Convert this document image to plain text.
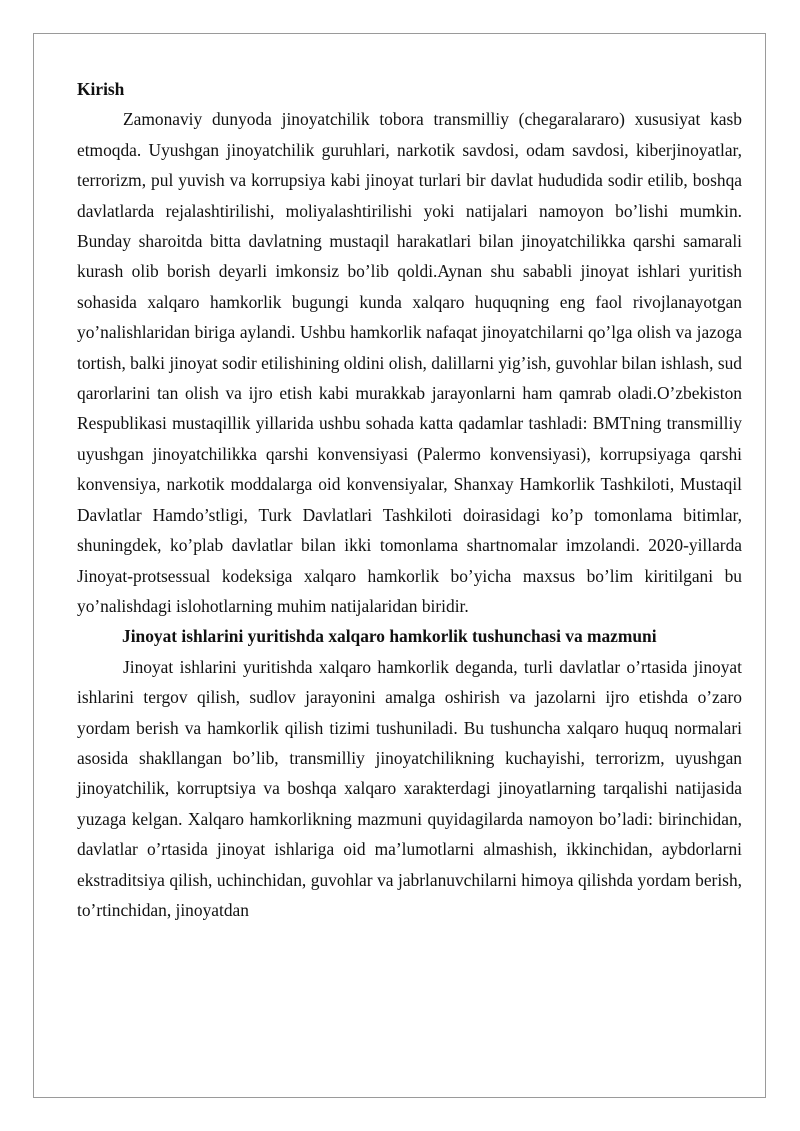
Kirish

Zamonaviy dunyoda jinoyatchilik tobora transmilliy (chegaralararo) xususiyat kasb etmoqda. Uyushgan jinoyatchilik guruhlari, narkotik savdosi, odam savdosi, kiberjinoyatlar, terrorizm, pul yuvish va korrupsiya kabi jinoyat turlari bir davlat hududida sodir etilib, boshqa davlatlarda rejalashtirilishi, moliyalashtirilishi yoki natijalari namoyon bo’lishi mumkin. Bunday sharoitda bitta davlatning mustaqil harakatlari bilan jinoyatchilikka qarshi samarali kurash olib borish deyarli imkonsiz bo’lib qoldi.Aynan shu sababli jinoyat ishlari yuritish sohasida xalqaro hamkorlik bugungi kunda xalqaro huquqning eng faol rivojlanayotgan yo’nalishlaridan biriga aylandi. Ushbu hamkorlik nafaqat jinoyatchilarni qo’lga olish va jazoga tortish, balki jinoyat sodir etilishining oldini olish, dalillarni yig’ish, guvohlar bilan ishlash, sud qarorlarini tan olish va ijro etish kabi murakkab jarayonlarni ham qamrab oladi.O’zbekiston Respublikasi mustaqillik yillarida ushbu sohada katta qadamlar tashladi: BMTning transmilliy uyushgan jinoyatchilikka qarshi konvensiyasi (Palermo konvensiyasi), korrupsiyaga qarshi konvensiya, narkotik moddalarga oid konvensiyalar, Shanxay Hamkorlik Tashkiloti, Mustaqil Davlatlar Hamdo’stligi, Turk Davlatlari Tashkiloti doirasidagi ko’p tomonlama bitimlar, shuningdek, ko’plab davlatlar bilan ikki tomonlama shartnomalar imzolandi. 2020-yillarda Jinoyat-protsessual kodeksiga xalqaro hamkorlik bo’yicha maxsus bo’lim kiritilgani bu yo’nalishdagi islohotlarning muhim natijalaridan biridir.

Jinoyat ishlarini yuritishda xalqaro hamkorlik tushunchasi va mazmuni

Jinoyat ishlarini yuritishda xalqaro hamkorlik deganda, turli davlatlar o’rtasida jinoyat ishlarini tergov qilish, sudlov jarayonini amalga oshirish va jazolarni ijro etishda o’zaro yordam berish va hamkorlik qilish tizimi tushuniladi. Bu tushuncha xalqaro huquq normalari asosida shakllangan bo’lib, transmilliy jinoyatchilikning kuchayishi, terrorizm, uyushgan jinoyatchilik, korruptsiya va boshqa xalqaro xarakterdagi jinoyatlarning tarqalishi natijasida yuzaga kelgan. Xalqaro hamkorlikning mazmuni quyidagilarda namoyon bo’ladi: birinchidan, davlatlar o’rtasida jinoyat ishlariga oid ma’lumotlarni almashish, ikkinchidan, aybdorlarni ekstraditsiya qilish, uchinchidan, guvohlar va jabrlanuvchilarni himoya qilishda yordam berish, to’rtinchidan, jinoyatdan
